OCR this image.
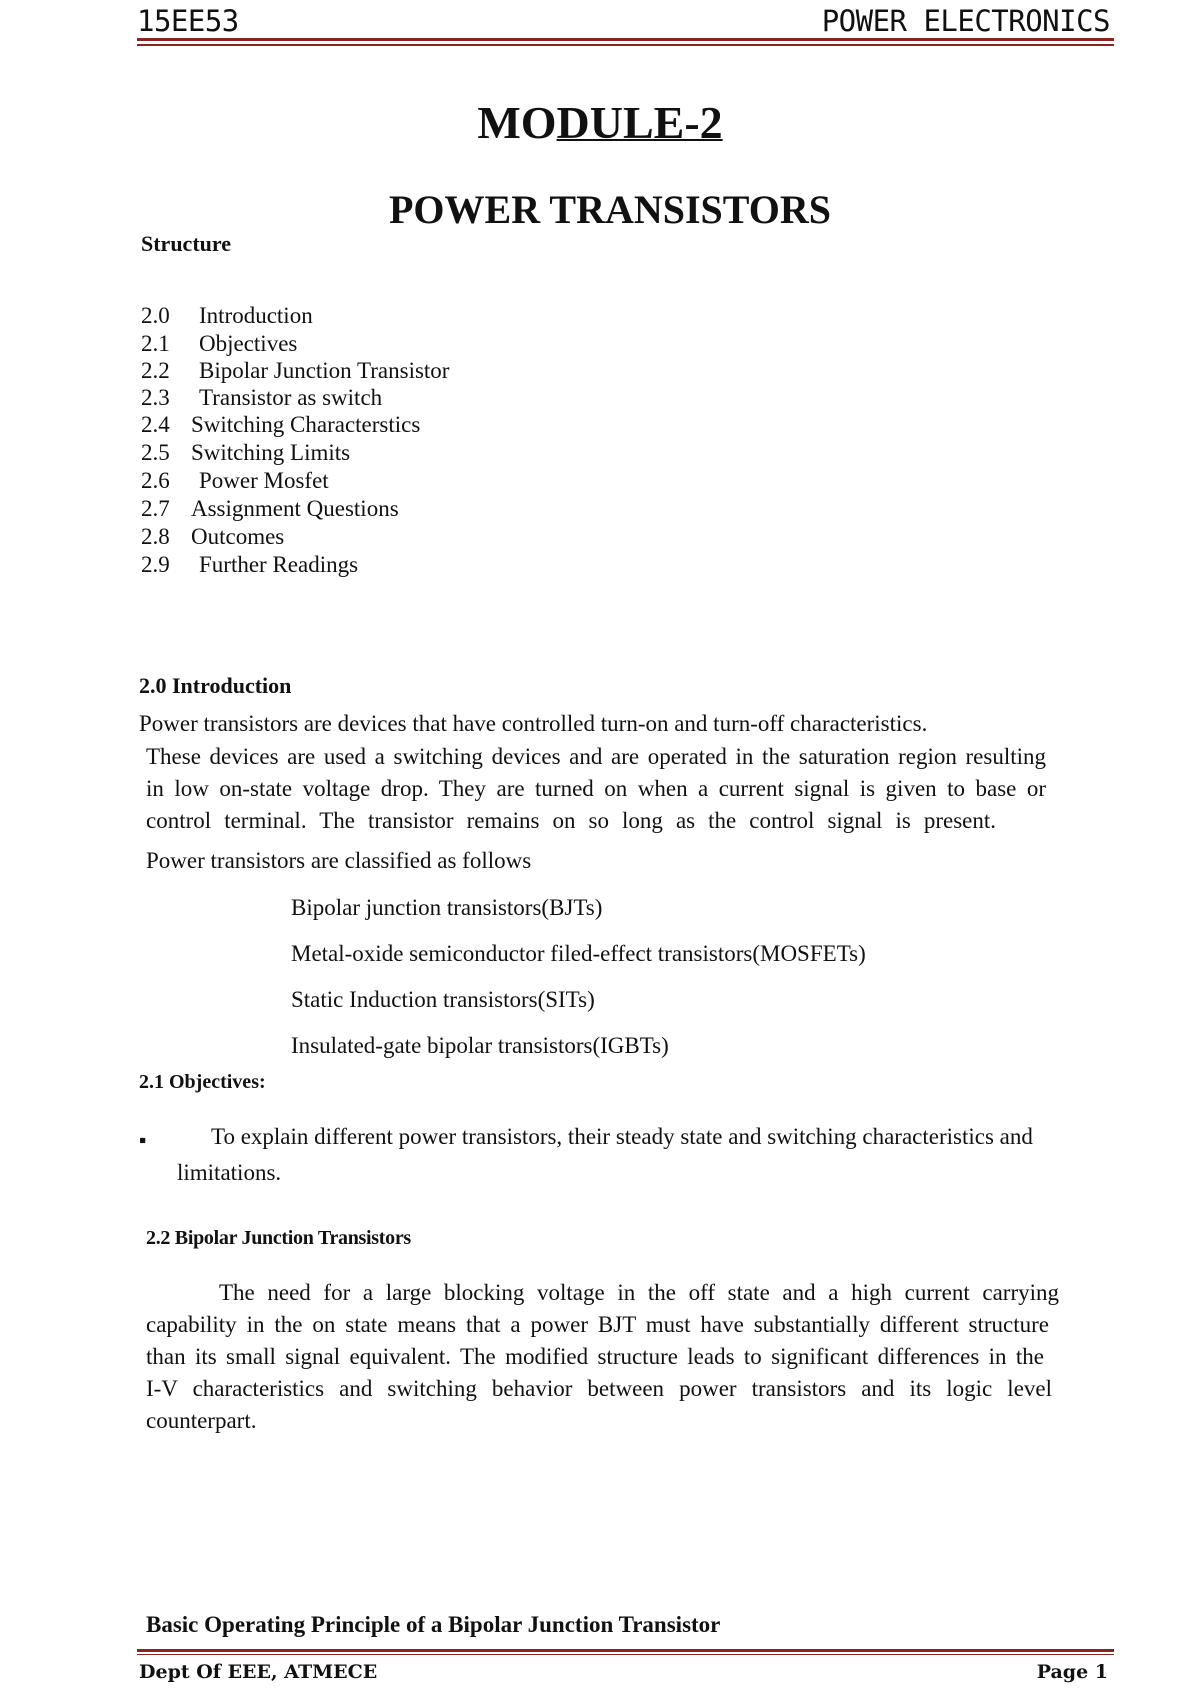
15EE53	POWER ELECTRONICS
MODULE-2
POWER TRANSISTORS
Structure
2.0 Introduction
2.1 Objectives
2.2 Bipolar Junction Transistor
2.3 Transistor as switch
2.4 Switching Characterstics
2.5 Switching Limits
2.6 Power Mosfet
2.7 Assignment Questions
2.8 Outcomes
2.9 Further Readings
2.0 Introduction
Power transistors are devices that have controlled turn-on and turn-off characteristics.
These devices are used a switching devices and are operated in the saturation region resulting
in low on-state voltage drop. They are turned on when a current signal is given to base or
control terminal. The transistor remains on so long as the control signal is present.
Power transistors are classified as follows
Bipolar junction transistors(BJTs)
Metal-oxide semiconductor filed-effect transistors(MOSFETs)
Static Induction transistors(SITs)
Insulated-gate bipolar transistors(IGBTs)
2.1 Objectives:
▪	To explain different power transistors, their steady state and switching characteristics and
limitations.
2.2 Bipolar Junction Transistors
The need for a large blocking voltage in the off state and a high current carrying
capability in the on state means that a power BJT must have substantially different structure
than its small signal equivalent. The modified structure leads to significant differences in the
I-V characteristics and switching behavior between power transistors and its logic level
counterpart.
Basic Operating Principle of a Bipolar Junction Transistor
Dept Of EEE, ATMECE	Page 1
